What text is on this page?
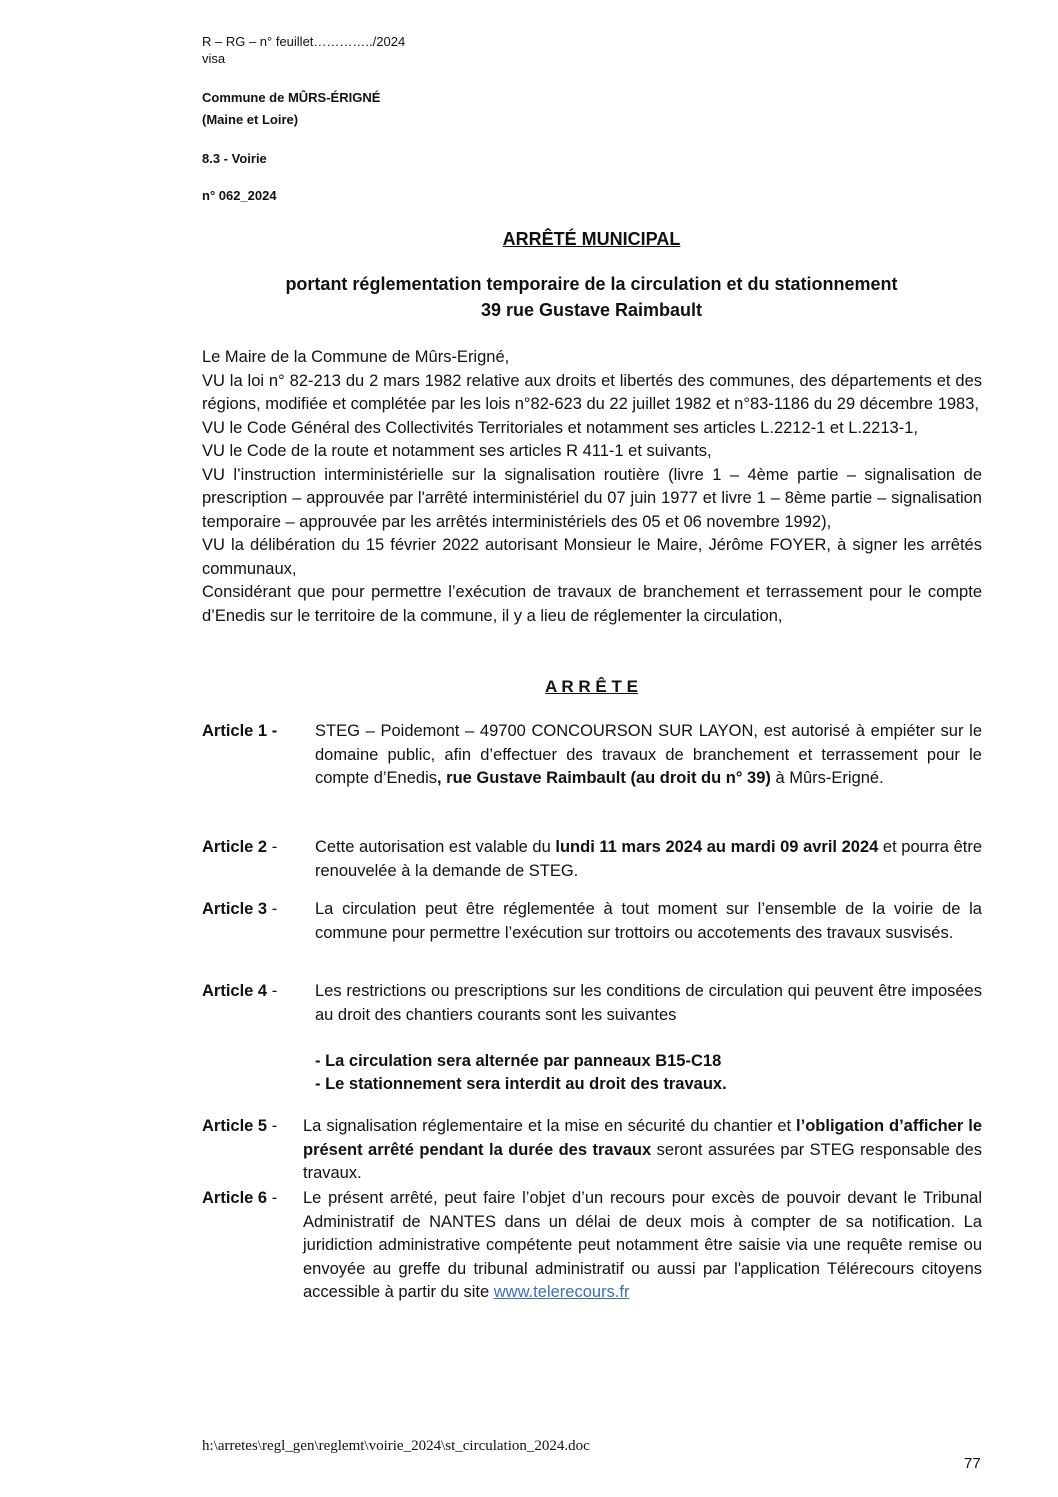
R – RG – n° feuillet…………../2024
visa
Commune de MÛRS-ÉRIGNÉ
(Maine et Loire)
8.3 - Voirie
n° 062_2024
ARRÊTÉ MUNICIPAL
portant réglementation temporaire de la circulation et du stationnement
39 rue Gustave Raimbault

Le Maire de la Commune de Mûrs-Erigné,

VU la loi n° 82-213 du 2 mars 1982 relative aux droits et libertés des communes, des départements et des régions, modifiée et complétée par les lois n°82-623 du 22 juillet 1982 et n°83-1186 du 29 décembre 1983,

VU le Code Général des Collectivités Territoriales et notamment ses articles L.2212-1 et L.2213-1,

VU le Code de la route et notamment ses articles R 411-1 et suivants,

VU l’instruction interministérielle sur la signalisation routière (livre 1 – 4ème partie – signalisation de prescription – approuvée par l'arrêté interministériel du 07 juin 1977 et livre 1 – 8ème partie – signalisation temporaire – approuvée par les arrêtés interministériels des 05 et 06 novembre 1992),

VU la délibération du 15 février 2022 autorisant Monsieur le Maire, Jérôme FOYER, à signer les arrêtés communaux,

Considérant que pour permettre l’exécution de travaux de branchement et terrassement pour le compte d’Enedis sur le territoire de la commune, il y a lieu de réglementer la circulation,

A R R Ê T E
Article 1 - STEG – Poidemont – 49700 CONCOURSON SUR LAYON, est autorisé à empiéter sur le domaine public, afin d’effectuer des travaux de branchement et terrassement pour le compte d’Enedis, rue Gustave Raimbault (au droit du n° 39) à Mûrs-Erigné.
Article 2 - Cette autorisation est valable du lundi 11 mars 2024 au mardi 09 avril 2024 et pourra être renouvelée à la demande de STEG.
Article 3 - La circulation peut être réglementée à tout moment sur l’ensemble de la voirie de la commune pour permettre l’exécution sur trottoirs ou accotements des travaux susvisés.
Article 4 - Les restrictions ou prescriptions sur les conditions de circulation qui peuvent être imposées au droit des chantiers courants sont les suivantes
- La circulation sera alternée par panneaux B15-C18
- Le stationnement sera interdit au droit des travaux.
Article 5 - La signalisation réglementaire et la mise en sécurité du chantier et l’obligation d’afficher le présent arrêté pendant la durée des travaux seront assurées par STEG responsable des travaux.
Article 6 - Le présent arrêté, peut faire l’objet d’un recours pour excès de pouvoir devant le Tribunal Administratif de NANTES dans un délai de deux mois à compter de sa notification. La juridiction administrative compétente peut notamment être saisie via une requête remise ou envoyée au greffe du tribunal administratif ou aussi par l'application Télérecours citoyens accessible à partir du site www.telerecours.fr
h:\arretes\regl_gen\reglemt\voirie_2024\st_circulation_2024.doc
77
